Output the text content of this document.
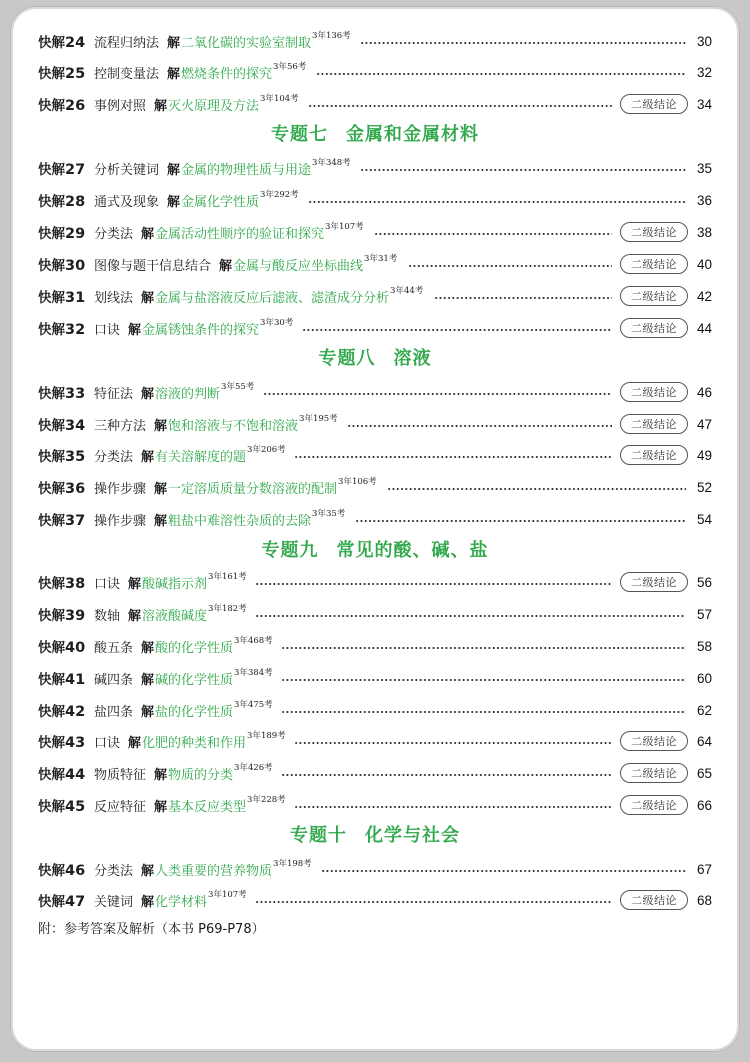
快解24 流程归纳法 解 二氧化碳的实验室制取 3年136考	30
快解25 控制变量法 解 燃烧条件的探究 3年56考	32
快解26 事例对照 解 灭火原理及方法 3年104考	二级结论	34
专题七 金属和金属材料
快解27 分析关键词 解 金属的物理性质与用途 3年348考	35
快解28 通式及现象 解 金属化学性质 3年292考	36
快解29 分类法 解 金属活动性顺序的验证和探究 3年107考	二级结论	38
快解30 图像与题干信息结合 解 金属与酸反应坐标曲线 3年31考	二级结论	40
快解31 划线法 解 金属与盐溶液反应后滤液、滤渣成分分析 3年44考	二级结论	42
快解32 口诀 解 金属锈蚀条件的探究 3年30考	二级结论	44
专题八 溶液
快解33 特征法 解 溶液的判断 3年55考	二级结论	46
快解34 三种方法 解 饱和溶液与不饱和溶液 3年195考	二级结论	47
快解35 分类法 解 有关溶解度的题 3年206考	二级结论	49
快解36 操作步骤 解 一定溶质质量分数溶液的配制 3年106考	52
快解37 操作步骤 解 粗盐中难溶性杂质的去除 3年35考	54
专题九 常见的酸、碱、盐
快解38 口诀 解 酸碱指示剂 3年161考	二级结论	56
快解39 数轴 解 溶液酸碱度 3年182考	57
快解40 酸五条 解 酸的化学性质 3年468考	58
快解41 碱四条 解 碱的化学性质 3年384考	60
快解42 盐四条 解 盐的化学性质 3年475考	62
快解43 口诀 解 化肥的种类和作用 3年189考	二级结论	64
快解44 物质特征 解 物质的分类 3年426考	二级结论	65
快解45 反应特征 解 基本反应类型 3年228考	二级结论	66
专题十 化学与社会
快解46 分类法 解 人类重要的营养物质 3年198考	67
快解47 关键词 解 化学材料 3年107考	二级结论	68
附：参考答案及解析（本书 P69-P78）
